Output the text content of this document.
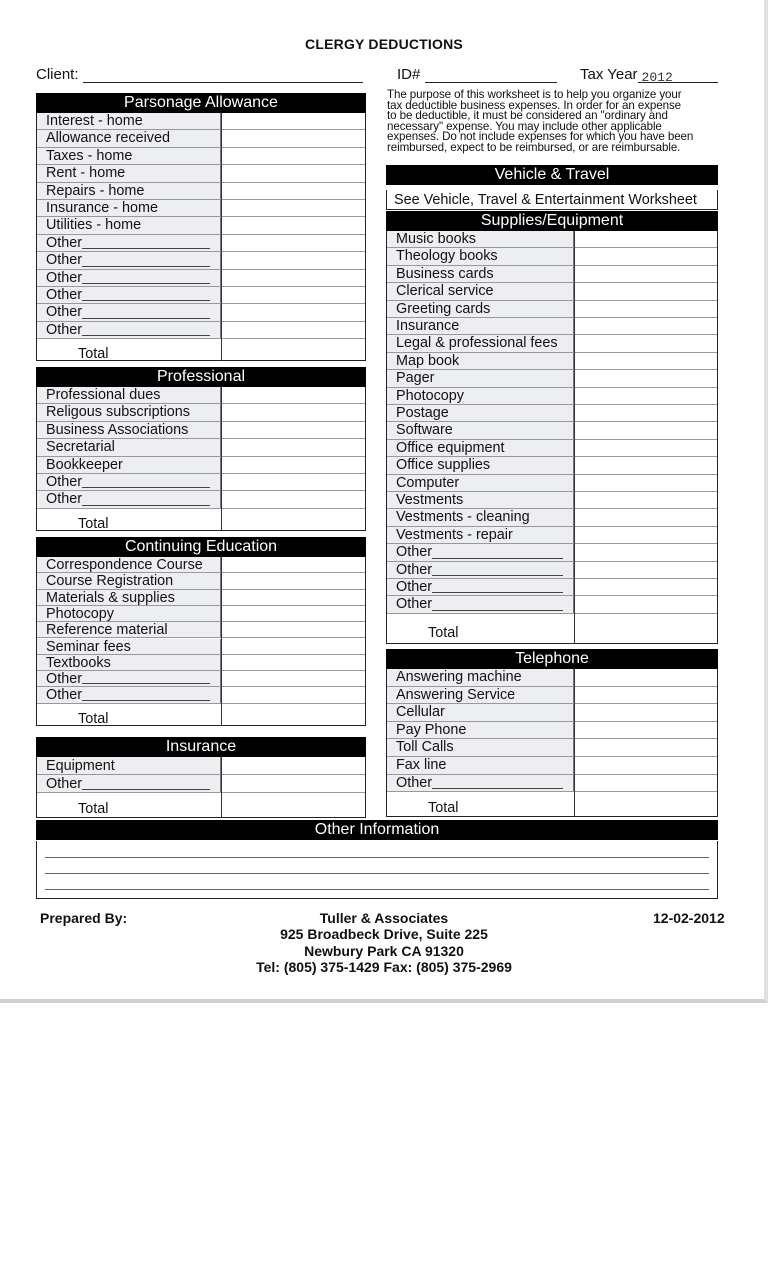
CLERGY DEDUCTIONS
Client:	ID#	Tax Year 2012
The purpose of this worksheet is to help you organize your
tax deductible business expenses. In order for an expense
to be deductible, it must be considered an "ordinary and
necessary" expense. You may include other applicable
expenses. Do not include expenses for which you have been
reimbursed, expect to be reimbursed, or are reimbursable.
Parsonage Allowance
Interest - home
Allowance received
Taxes - home
Rent - home
Repairs - home
Insurance - home
Utilities - home
Other
Other
Other
Other
Other
Other
Total
Professional
Professional dues
Religous subscriptions
Business Associations
Secretarial
Bookkeeper
Other
Other
Total
Continuing Education
Correspondence Course
Course Registration
Materials & supplies
Photocopy
Reference material
Seminar fees
Textbooks
Other
Other
Total
Insurance
Equipment
Other
Total
Vehicle & Travel
See Vehicle, Travel & Entertainment Worksheet
Supplies/Equipment
Music books
Theology books
Business cards
Clerical service
Greeting cards
Insurance
Legal & professional fees
Map book
Pager
Photocopy
Postage
Software
Office equipment
Office supplies
Computer
Vestments
Vestments - cleaning
Vestments - repair
Other
Other
Other
Other
Total
Telephone
Answering machine
Answering Service
Cellular
Pay Phone
Toll Calls
Fax line
Other
Total
Other Information
Prepared By:	Tuller & Associates
925 Broadbeck Drive, Suite 225
Newbury Park CA 91320
Tel: (805) 375-1429 Fax: (805) 375-2969
12-02-2012
